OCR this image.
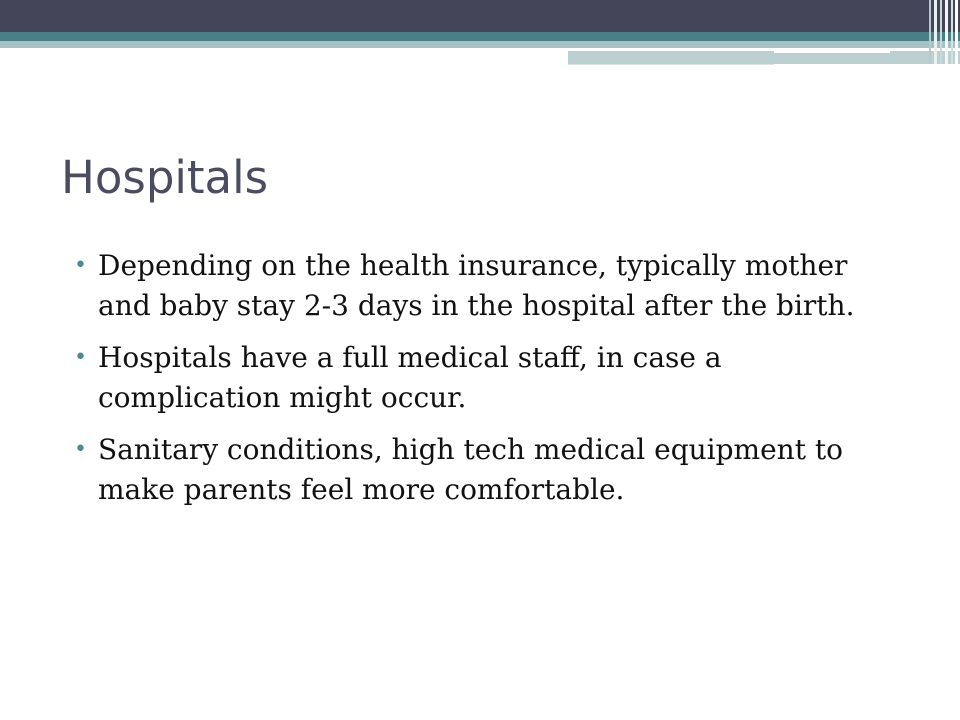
Hospitals
• Depending on the health insurance, typically mother and baby stay 2-3 days in the hospital after the birth.
• Hospitals have a full medical staff, in case a complication might occur.
• Sanitary conditions, high tech medical equipment to make parents feel more comfortable.
